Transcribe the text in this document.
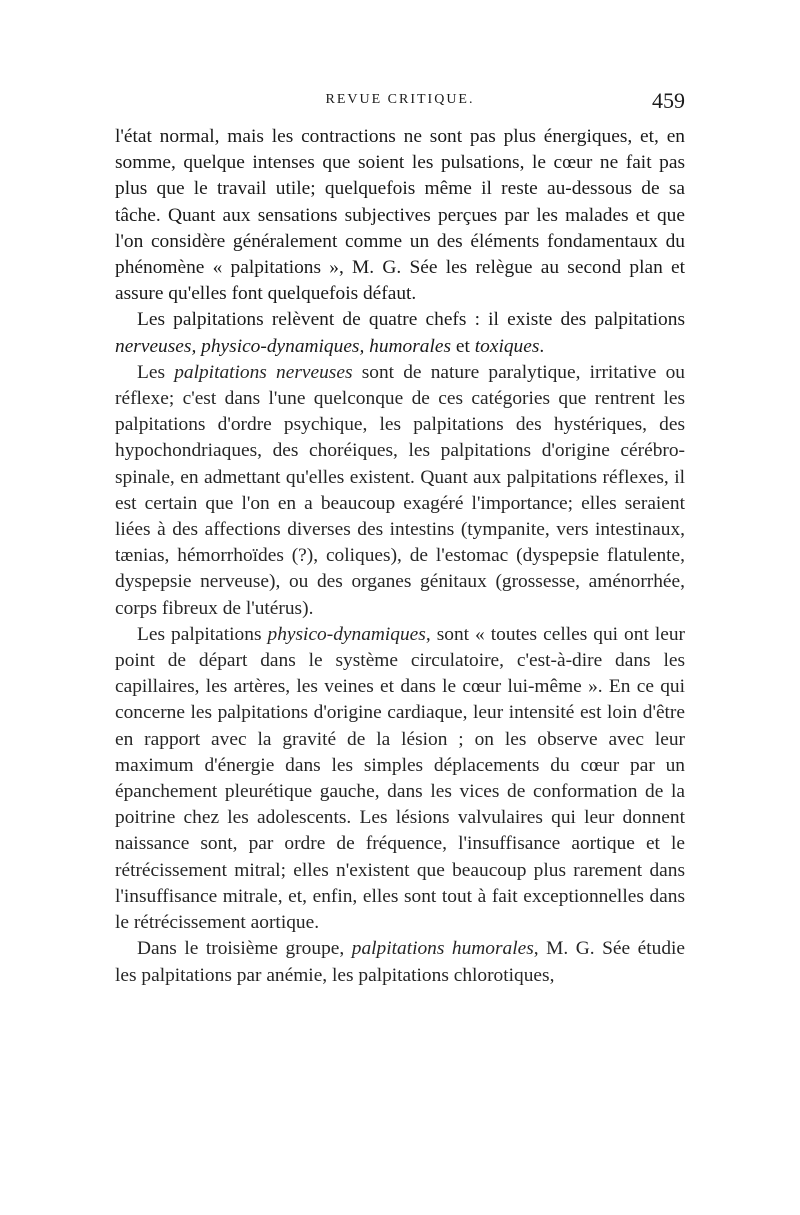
REVUE CRITIQUE.	459

l'état normal, mais les contractions ne sont pas plus énergiques, et, en somme, quelque intenses que soient les pulsations, le cœur ne fait pas plus que le travail utile; quelquefois même il reste au-dessous de sa tâche. Quant aux sensations subjectives perçues par les malades et que l'on considère généralement comme un des éléments fondamentaux du phénomène « palpitations », M. G. Sée les relègue au second plan et assure qu'elles font quelquefois défaut.

Les palpitations relèvent de quatre chefs : il existe des palpitations nerveuses, physico-dynamiques, humorales et toxiques.

Les palpitations nerveuses sont de nature paralytique, irritative ou réflexe; c'est dans l'une quelconque de ces catégories que rentrent les palpitations d'ordre psychique, les palpitations des hystériques, des hypochondriaques, des choréiques, les palpitations d'origine cérébro-spinale, en admettant qu'elles existent. Quant aux palpitations réflexes, il est certain que l'on en a beaucoup exagéré l'importance; elles seraient liées à des affections diverses des intestins (tympanite, vers intestinaux, tænias, hémorrhoïdes (?), coliques), de l'estomac (dyspepsie flatulente, dyspepsie nerveuse), ou des organes génitaux (grossesse, aménorrhée, corps fibreux de l'utérus).

Les palpitations physico-dynamiques, sont « toutes celles qui ont leur point de départ dans le système circulatoire, c'est-à-dire dans les capillaires, les artères, les veines et dans le cœur lui-même ». En ce qui concerne les palpitations d'origine cardiaque, leur intensité est loin d'être en rapport avec la gravité de la lésion ; on les observe avec leur maximum d'énergie dans les simples déplacements du cœur par un épanchement pleurétique gauche, dans les vices de conformation de la poitrine chez les adolescents. Les lésions valvulaires qui leur donnent naissance sont, par ordre de fréquence, l'insuffisance aortique et le rétrécissement mitral; elles n'existent que beaucoup plus rarement dans l'insuffisance mitrale, et, enfin, elles sont tout à fait exceptionnelles dans le rétrécissement aortique.

Dans le troisième groupe, palpitations humorales, M. G. Sée étudie les palpitations par anémie, les palpitations chlorotiques,
